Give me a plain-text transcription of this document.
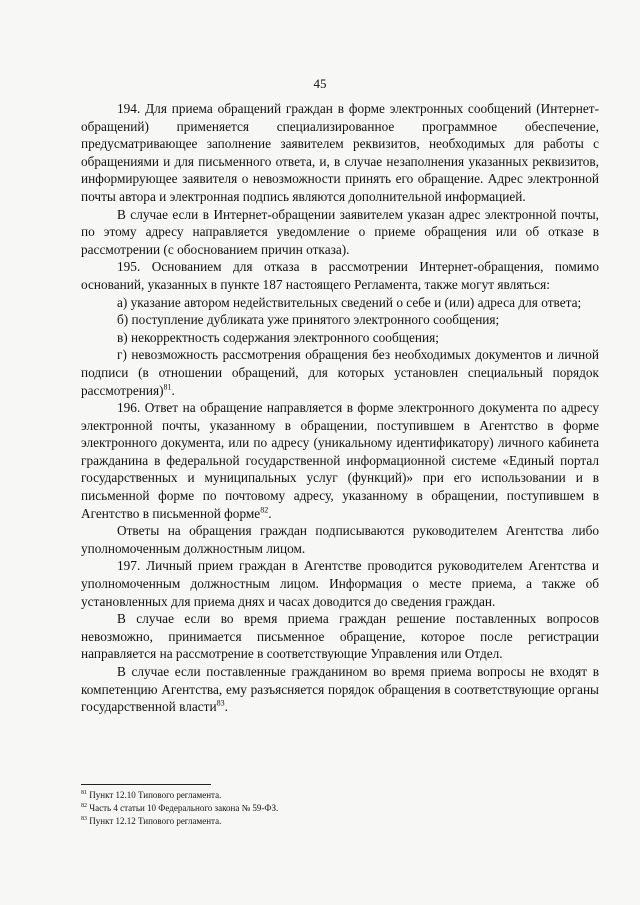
45

194. Для приема обращений граждан в форме электронных сообщений (Интернет-обращений) применяется специализированное программное обеспечение, предусматривающее заполнение заявителем реквизитов, необходимых для работы с обращениями и для письменного ответа, и, в случае незаполнения указанных реквизитов, информирующее заявителя о невозможности принять его обращение. Адрес электронной почты автора и электронная подпись являются дополнительной информацией.

В случае если в Интернет-обращении заявителем указан адрес электронной почты, по этому адресу направляется уведомление о приеме обращения или об отказе в рассмотрении (с обоснованием причин отказа).

195. Основанием для отказа в рассмотрении Интернет-обращения, помимо оснований, указанных в пункте 187 настоящего Регламента, также могут являться:

а) указание автором недействительных сведений о себе и (или) адреса для ответа;

б) поступление дубликата уже принятого электронного сообщения;

в) некорректность содержания электронного сообщения;

г) невозможность рассмотрения обращения без необходимых документов и личной подписи (в отношении обращений, для которых установлен специальный порядок рассмотрения)$^{81}$.

196. Ответ на обращение направляется в форме электронного документа по адресу электронной почты, указанному в обращении, поступившем в Агентство в форме электронного документа, или по адресу (уникальному идентификатору) личного кабинета гражданина в федеральной государственной информационной системе «Единый портал государственных и муниципальных услуг (функций)» при его использовании и в письменной форме по почтовому адресу, указанному в обращении, поступившем в Агентство в письменной форме$^{82}$.

Ответы на обращения граждан подписываются руководителем Агентства либо уполномоченным должностным лицом.

197. Личный прием граждан в Агентстве проводится руководителем Агентства и уполномоченным должностным лицом. Информация о месте приема, а также об установленных для приема днях и часах доводится до сведения граждан.

В случае если во время приема граждан решение поставленных вопросов невозможно, принимается письменное обращение, которое после регистрации направляется на рассмотрение в соответствующие Управления или Отдел.

В случае если поставленные гражданином во время приема вопросы не входят в компетенцию Агентства, ему разъясняется порядок обращения в соответствующие органы государственной власти$^{83}$.

$^{81}$ Пункт 12.10 Типового регламента.
$^{82}$ Часть 4 статьи 10 Федерального закона № 59-ФЗ.
$^{83}$ Пункт 12.12 Типового регламента.
